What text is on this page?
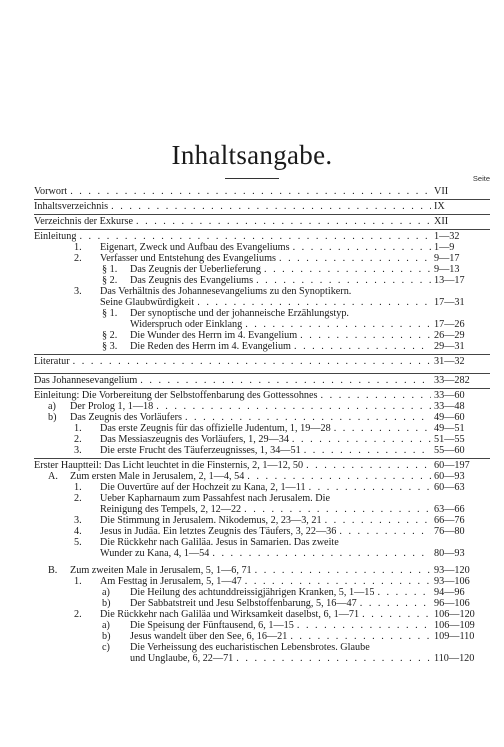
Inhaltsangabe.
Seite
Vorwort . . .	VII
Inhaltsverzeichnis . . .	IX
Verzeichnis der Exkurse . . .	XII
Einleitung . . .	1—32
1.	Eigenart, Zweck und Aufbau des Evangeliums . . .	1—9
2.	Verfasser und Entstehung des Evangeliums . . .	9—17
§ 1.	Das Zeugnis der Ueberlieferung . . .	9—13
§ 2.	Das Zeugnis des Evangeliums . . .	13—17
3.	Das Verhältnis des Johannesevangeliums zu den Synoptikern.
Seine Glaubwürdigkeit . . .	17—31
§ 1.	Der synoptische und der johanneische Erzählungstyp.
Widerspruch oder Einklang . . .	17—26
§ 2.	Die Wunder des Herrn im 4. Evangelium . . .	26—29
§ 3.	Die Reden des Herrn im 4. Evangelium . . .	29—31
Literatur . . .	31—32
Das Johannesevangelium . . .	33—282
Einleitung: Die Vorbereitung der Selbstoffenbarung des Gottessohnes . . .	33—60
a)	Der Prolog 1, 1—18 . . .	33—48
b)	Das Zeugnis des Vorläufers . . .	49—60
1.	Das erste Zeugnis für das offizielle Judentum, 1, 19—28 . . .	49—51
2.	Das Messiaszeugnis des Vorläufers, 1, 29—34 . . .	51—55
3.	Die erste Frucht des Täuferzeugnisses, 1, 34—51 . . .	55—60
Erster Hauptteil: Das Licht leuchtet in die Finsternis, 2, 1—12, 50 . . .	60—197
A.	Zum ersten Male in Jerusalem, 2, 1—4, 54 . . .	60—93
1.	Die Ouvertüre auf der Hochzeit zu Kana, 2, 1—11 . . .	60—63
2.	Ueber Kapharnaum zum Passahfest nach Jerusalem. Die
Reinigung des Tempels, 2, 12—22 . . .	63—66
3.	Die Stimmung in Jerusalem. Nikodemus, 2, 23—3, 21 . . .	66—76
4.	Jesus in Judäa. Ein letztes Zeugnis des Täufers, 3, 22—36 . . .	76—80
5.	Die Rückkehr nach Galiläa. Jesus in Samarien. Das zweite
Wunder zu Kana, 4, 1—54 . . .	80—93
B.	Zum zweiten Male in Jerusalem, 5, 1—6, 71 . . .	93—120
1.	Am Festtag in Jerusalem, 5, 1—47 . . .	93—106
a)	Die Heilung des achtunddreissigjährigen Kranken, 5, 1—15 . . .	94—96
b)	Der Sabbatstreit und Jesu Selbstoffenbarung, 5, 16—47 . . .	96—106
2.	Die Rückkehr nach Galiläa und Wirksamkeit daselbst, 6, 1—71 . . .	106—120
a)	Die Speisung der Fünftausend, 6, 1—15 . . .	106—109
b)	Jesus wandelt über den See, 6, 16—21 . . .	109—110
c)	Die Verheissung des eucharistischen Lebensbrotes. Glaube
und Unglaube, 6, 22—71 . . .	110—120
